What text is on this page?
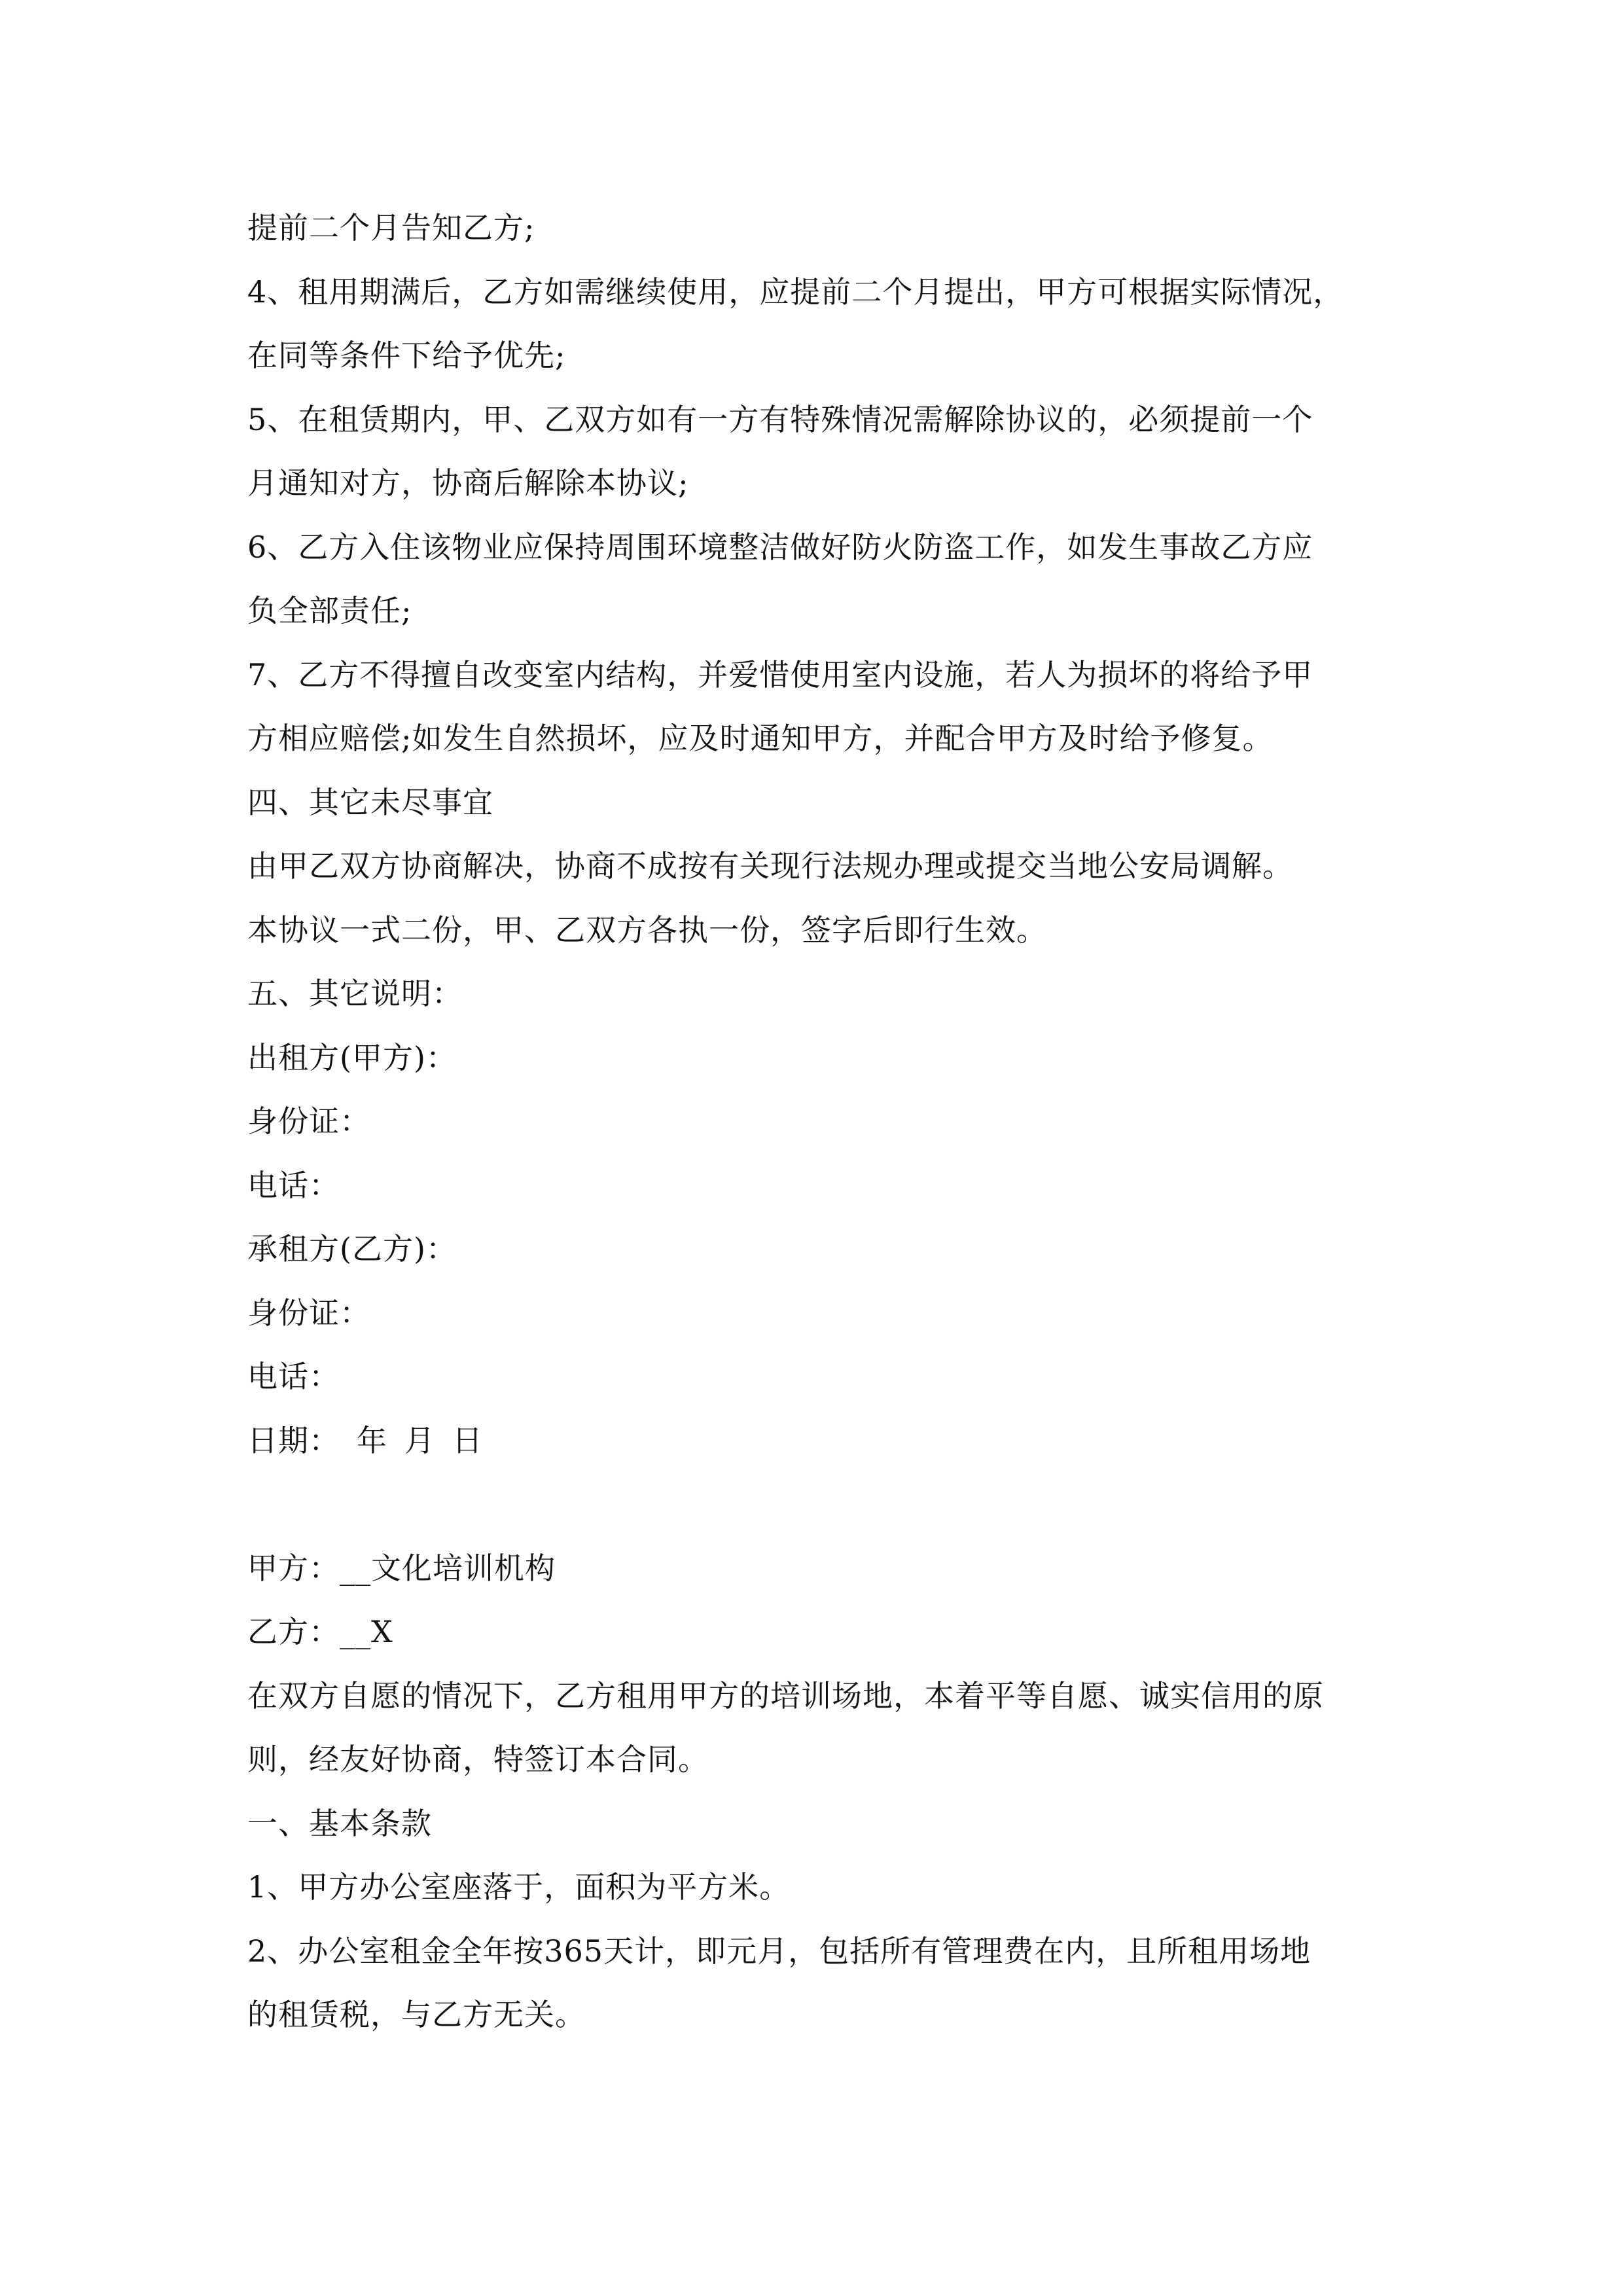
提前二个月告知乙方;
4、租用期满后，乙方如需继续使用，应提前二个月提出，甲方可根据实际情况，
在同等条件下给予优先;
5、在租赁期内，甲、乙双方如有一方有特殊情况需解除协议的，必须提前一个
月通知对方，协商后解除本协议;
6、乙方入住该物业应保持周围环境整洁做好防火防盗工作，如发生事故乙方应
负全部责任;
7、乙方不得擅自改变室内结构，并爱惜使用室内设施，若人为损坏的将给予甲
方相应赔偿;如发生自然损坏，应及时通知甲方，并配合甲方及时给予修复。
四、其它未尽事宜
由甲乙双方协商解决，协商不成按有关现行法规办理或提交当地公安局调解。
本协议一式二份，甲、乙双方各执一份，签字后即行生效。
五、其它说明：
出租方(甲方)：
身份证：
电话：
承租方(乙方)：
身份证：
电话：
日期： 年 月 日
甲方：__文化培训机构
乙方：__X
在双方自愿的情况下，乙方租用甲方的培训场地，本着平等自愿、诚实信用的原
则，经友好协商，特签订本合同。
一、基本条款
1、甲方办公室座落于，面积为平方米。
2、办公室租金全年按365天计，即元月，包括所有管理费在内，且所租用场地
的租赁税，与乙方无关。
